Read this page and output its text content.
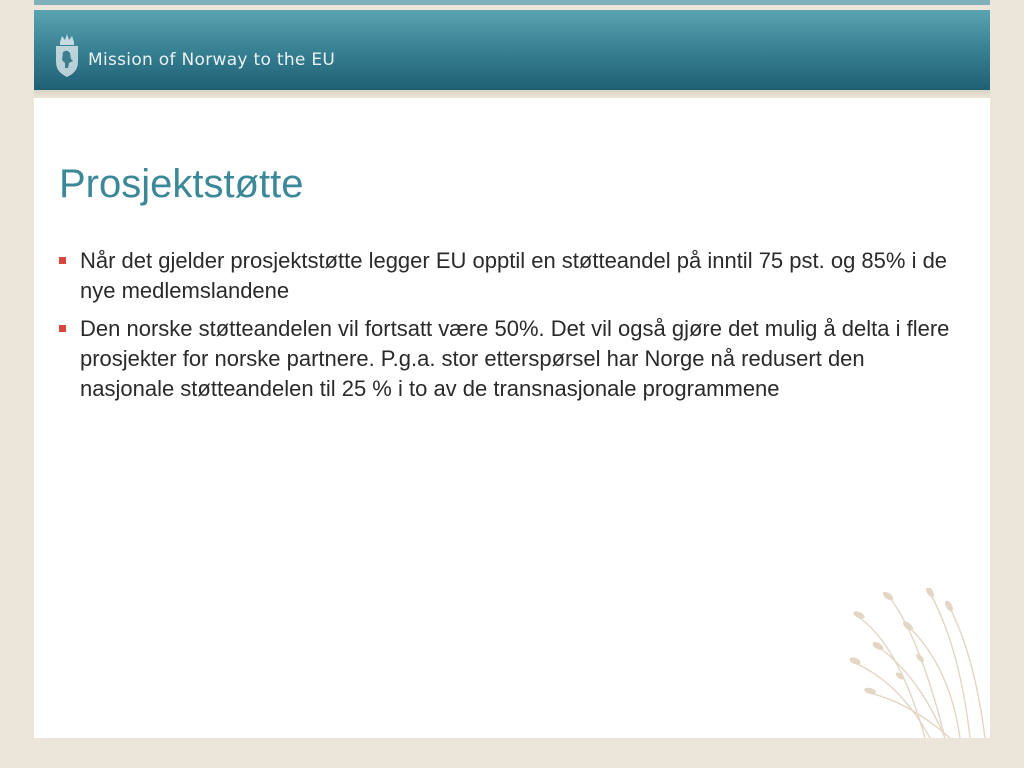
Mission of Norway to the EU
Prosjektstøtte
Når det gjelder prosjektstøtte legger EU opptil en støtteandel på inntil 75 pst. og 85% i de nye medlemslandene
Den norske støtteandelen vil fortsatt være 50%. Det vil også gjøre det mulig å delta i flere prosjekter for norske partnere. P.g.a. stor etterspørsel har Norge nå redusert den nasjonale støtteandelen til 25 % i to av de transnasjonale programmene
